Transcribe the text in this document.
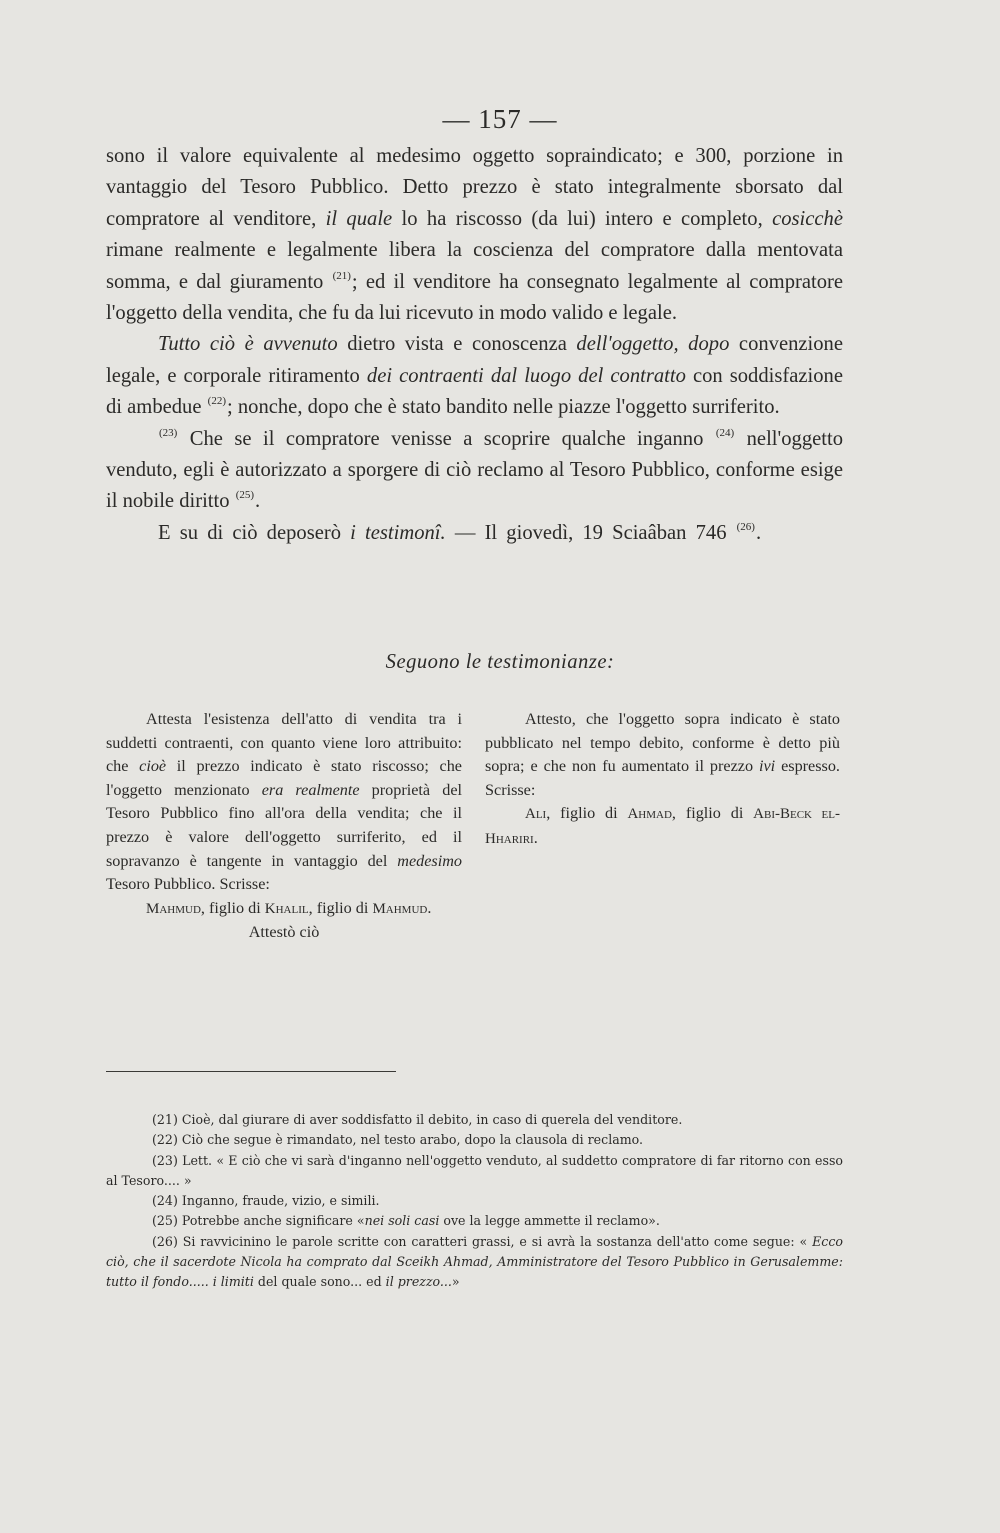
— 157 —

sono il valore equivalente al medesimo oggetto sopraindicato; e 300, porzione in vantaggio del Tesoro Pubblico. Detto prezzo è stato integralmente sborsato dal compratore al venditore, il quale lo ha riscosso (da lui) intero e completo, cosicchè rimane realmente e legalmente libera la coscienza del compratore dalla mentovata somma, e dal giuramento $^{(21)}$; ed il venditore ha consegnato legalmente al compratore l'oggetto della vendita, che fu da lui ricevuto in modo valido e legale.

Tutto ciò è avvenuto dietro vista e conoscenza dell'oggetto, dopo convenzione legale, e corporale ritiramento dei contraenti dal luogo del contratto con soddisfazione di ambedue $^{(22)}$; nonche, dopo che è stato bandito nelle piazze l'oggetto surriferito.

$^{(23)}$ Che se il compratore venisse a scoprire qualche inganno $^{(24)}$ nell'oggetto venduto, egli è autorizzato a sporgere di ciò reclamo al Tesoro Pubblico, conforme esige il nobile diritto $^{(25)}$.

E su di ciò deposerò i testimonî. — Il giovedì, 19 Sciaâban 746 $^{(26)}$.

Seguono le testimonianze:

Attesta l'esistenza dell'atto di vendita tra i suddetti contraenti, con quanto viene loro attribuito: che cioè il prezzo indicato è stato riscosso; che l'oggetto menzionato era realmente proprietà del Tesoro Pubblico fino all'ora della vendita; che il prezzo è valore dell'oggetto surriferito, ed il sopravanzo è tangente in vantaggio del medesimo Tesoro Pubblico. Scrisse:

Mahmud, figlio di Khalil, figlio di Mahmud.

Attestò ciò

Attesto, che l'oggetto sopra indicato è stato pubblicato nel tempo debito, conforme è detto più sopra; e che non fu aumentato il prezzo ivi espresso. Scrisse:

Ali, figlio di Ahmad, figlio di Abi-Beck el-Hhariri.

(21) Cioè, dal giurare di aver soddisfatto il debito, in caso di querela del venditore.

(22) Ciò che segue è rimandato, nel testo arabo, dopo la clausola di reclamo.

(23) Lett. « E ciò che vi sarà d'inganno nell'oggetto venduto, al suddetto compratore di far ritorno con esso al Tesoro.... »

(24) Inganno, fraude, vizio, e simili.

(25) Potrebbe anche significare «nei soli casi ove la legge ammette il reclamo».

(26) Si ravvicinino le parole scritte con caratteri grassi, e si avrà la sostanza dell'atto come segue: « Ecco ciò, che il sacerdote Nicola ha comprato dal Sceikh Ahmad, Amministratore del Tesoro Pubblico in Gerusalemme: tutto il fondo..... i limiti del quale sono... ed il prezzo...»
